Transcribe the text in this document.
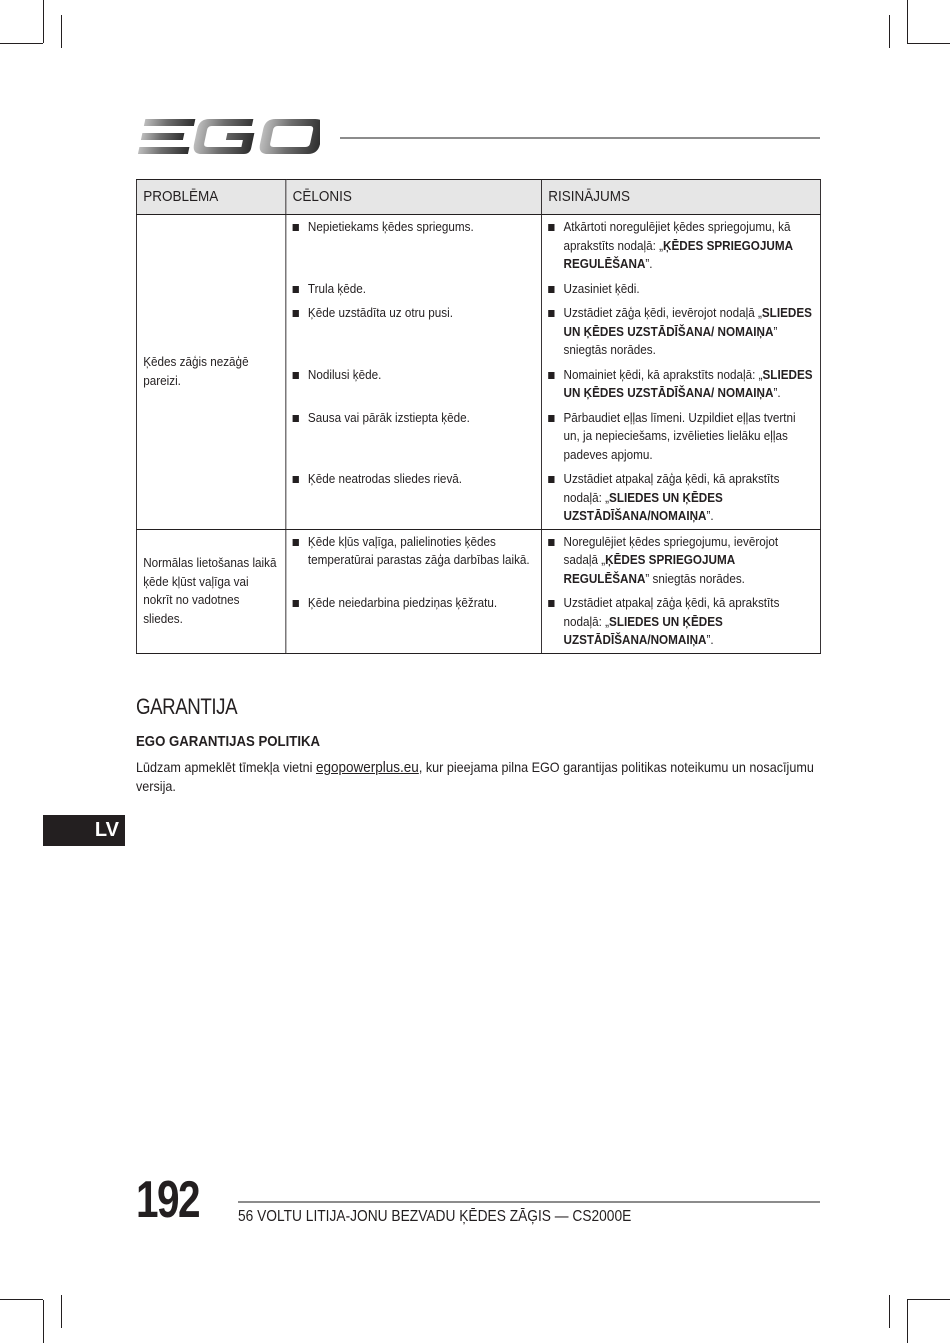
PROBLĒMA	CĒLONIS	RISINĀJUMS
Ķēdes zāģis nezāģē pareizi.	Nepietiekams ķēdes spriegums.	Atkārtoti noregulējiet ķēdes spriegojumu, kā aprakstīts nodaļā: „ĶĒDES SPRIEGOJUMA REGULĒŠANA”.

	Trula ķēde.	Uzasiniet ķēdi.

	Ķēde uzstādīta uz otru pusi.	Uzstādiet zāģa ķēdi, ievērojot nodaļā „SLIEDES UN ĶĒDES UZSTĀDĪŠANA/ NOMAIŅA” sniegtās norādes.

	Nodilusi ķēde.	Nomainiet ķēdi, kā aprakstīts nodaļā: „SLIEDES UN ĶĒDES UZSTĀDĪŠANA/ NOMAIŅA”.

	Sausa vai pārāk izstiepta ķēde.	Pārbaudiet eļļas līmeni. Uzpildiet eļļas tvertni un, ja nepieciešams, izvēlieties lielāku eļļas padeves apjomu.

	Ķēde neatrodas sliedes rievā.	Uzstādiet atpakaļ zāģa ķēdi, kā aprakstīts nodaļā: „SLIEDES UN ĶĒDES UZSTĀDĪŠANA/NOMAIŅA”.

Normālas lietošanas laikā ķēde kļūst vaļīga vai nokrīt no vadotnes sliedes.	Ķēde kļūs vaļīga, palielinoties ķēdes temperatūrai parastas zāģa darbības laikā.	Noregulējiet ķēdes spriegojumu, ievērojot sadaļā „ĶĒDES SPRIEGOJUMA REGULĒŠANA” sniegtās norādes.

	Ķēde neiedarbina piedziņas ķēžratu.	Uzstādiet atpakaļ zāģa ķēdi, kā aprakstīts nodaļā: „SLIEDES UN ĶĒDES UZSTĀDĪŠANA/NOMAIŅA”.
GARANTIJA
EGO GARANTIJAS POLITIKA

Lūdzam apmeklēt tīmekļa vietni egopowerplus.eu, kur pieejama pilna EGO garantijas politikas noteikumu un nosacījumu versija.

LV
192 56 VOLTU LITIJA-JONU BEZVADU ĶĒDES ZĀĢIS — CS2000E
